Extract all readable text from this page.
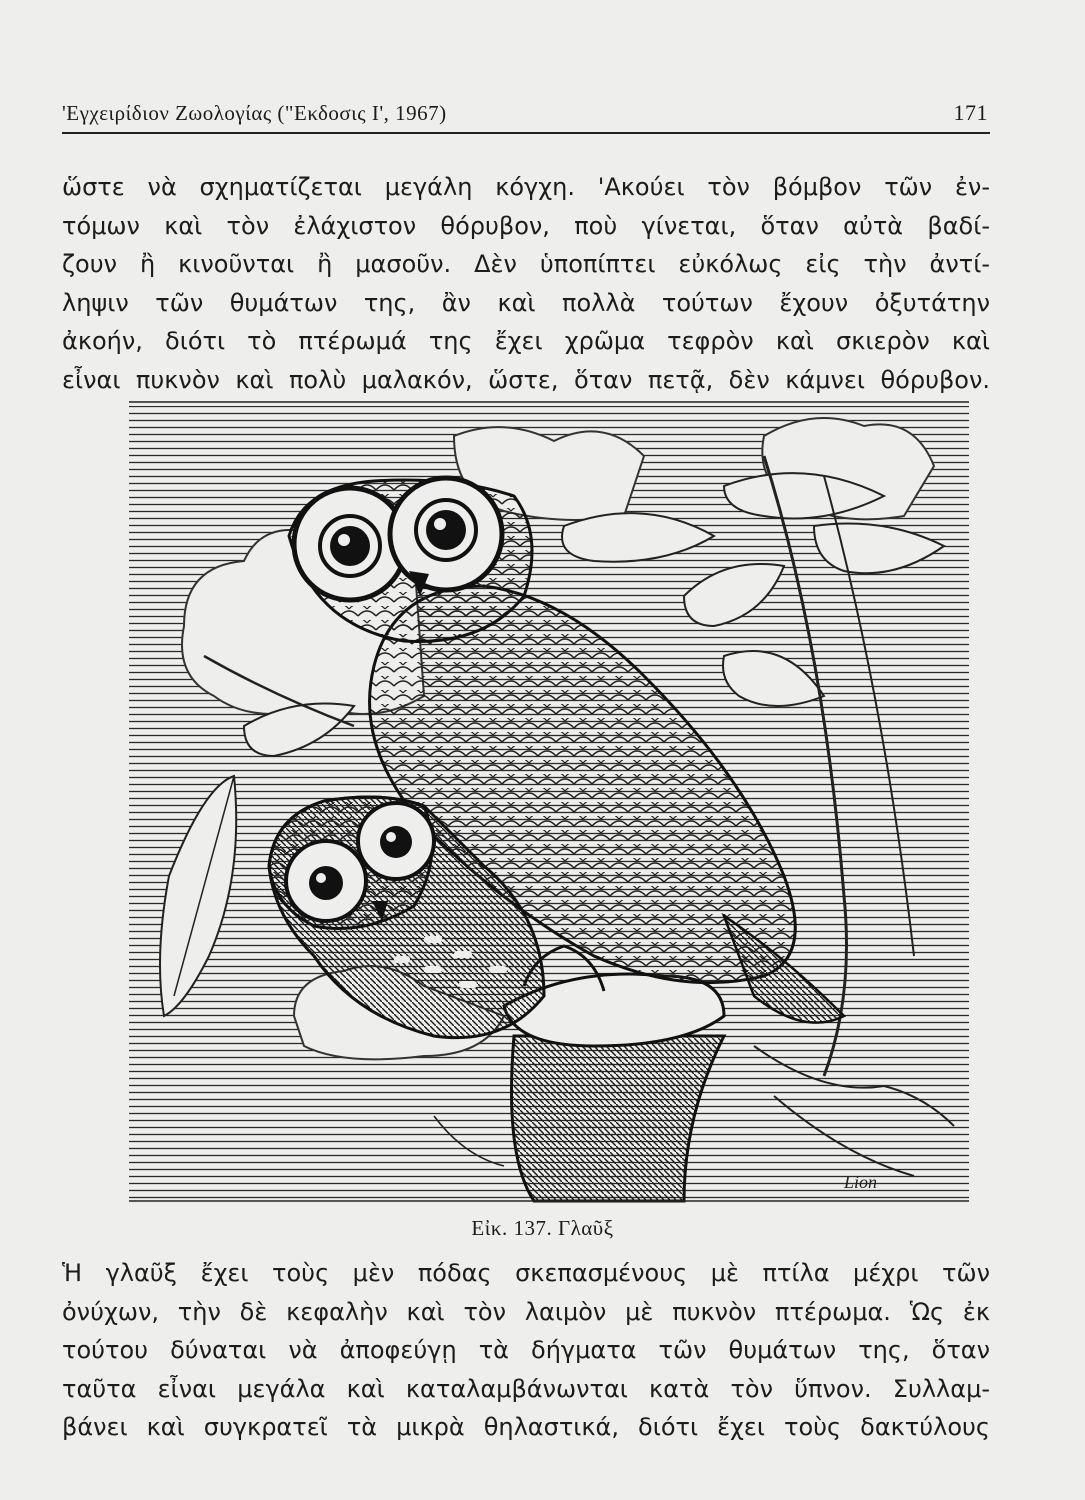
'Εγχειρίδιον Ζωολογίας ("Εκδοσις Ι', 1967)	171
ὥστε νὰ σχηματίζεται μεγάλη κόγχη. 'Ακούει τὸν βόμβον τῶν ἐν-
τόμων καὶ τὸν ἐλάχιστον θόρυβον, ποὺ γίνεται, ὅταν αὐτὰ βαδί-
ζουν ἢ κινοῦνται ἢ μασοῦν. Δὲν ὑποπίπτει εὐκόλως εἰς τὴν ἀντί-
ληψιν τῶν θυμάτων της, ἂν καὶ πολλὰ τούτων ἔχουν ὀξυτάτην
ἀκοήν, διότι τὸ πτέρωμά της ἔχει χρῶμα τεφρὸν καὶ σκιερὸν καὶ
εἶναι πυκνὸν καὶ πολὺ μαλακόν, ὥστε, ὅταν πετᾷ, δὲν κάμνει θόρυβον.
Lion
Εἰκ. 137. Γλαῦξ
Ἡ γλαῦξ ἔχει τοὺς μὲν πόδας σκεπασμένους μὲ πτίλα μέχρι τῶν
ὀνύχων, τὴν δὲ κεφαλὴν καὶ τὸν λαιμὸν μὲ πυκνὸν πτέρωμα. Ὡς ἐκ
τούτου δύναται νὰ ἀποφεύγῃ τὰ δήγματα τῶν θυμάτων της, ὅταν
ταῦτα εἶναι μεγάλα καὶ καταλαμβάνωνται κατὰ τὸν ὕπνον. Συλλαμ-
βάνει καὶ συγκρατεῖ τὰ μικρὰ θηλαστικά, διότι ἔχει τοὺς δακτύλους
